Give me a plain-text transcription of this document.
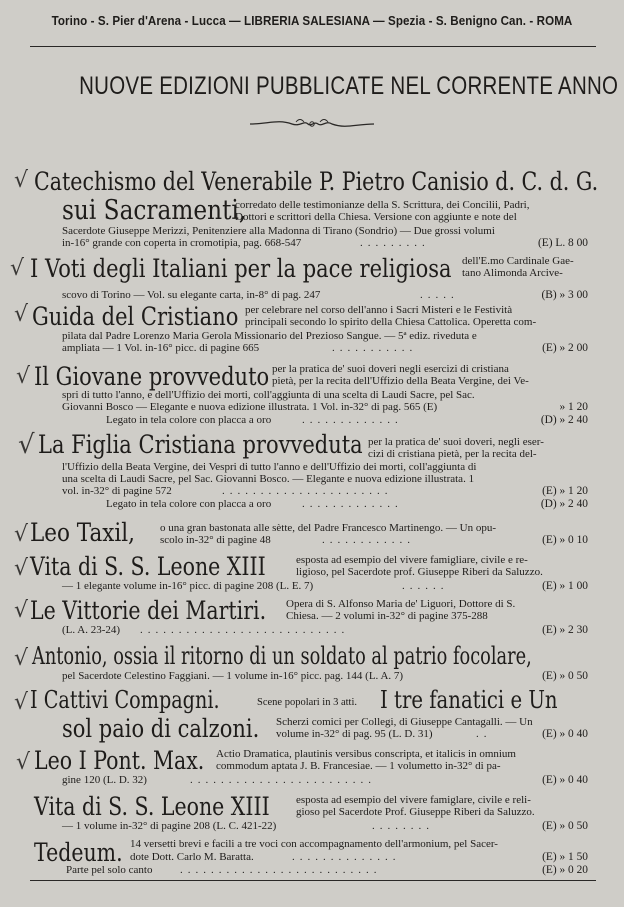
Torino - S. Pier d'Arena - Lucca — LIBRERIA SALESIANA — Spezia - S. Benigno Can. - ROMA
NUOVE EDIZIONI PUBBLICATE NEL CORRENTE ANNO
√ Catechismo del Venerabile P. Pietro Canisio d. C. d. G.
sui Sacramenti,
corredato delle testimonianze della S. Scrittura, dei Concilii, Padri,
Dottori e scrittori della Chiesa. Versione con aggiunte e note del
Sacerdote Giuseppe Merizzi, Penitenziere alla Madonna di Tirano (Sondrio) — Due grossi volumi
in-16° grande con coperta in cromotipia, pag. 668-547	.........	(E) L. 8 00
√ I Voti degli Italiani per la pace religiosa dell'E.mo Cardinale Gae-
tano Alimonda Arcive-
scovo di Torino — Vol. su elegante carta, in-8° di pag. 247	.....	(B) » 3 00
√ Guida del Cristiano per celebrare nel corso dell'anno i Sacri Misteri e le Festività
principali secondo lo spirito della Chiesa Cattolica. Operetta com-
pilata dal Padre Lorenzo Maria Gerola Missionario del Prezioso Sangue. — 5ª ediz. riveduta e
ampliata — 1 Vol. in-16° picc. di pagine 665	...........	(E) » 2 00
√ Il Giovane provveduto per la pratica de' suoi doveri negli esercizi di cristiana
pietà, per la recita dell'Uffizio della Beata Vergine, dei Ve-
spri di tutto l'anno, e dell'Uffizio dei morti, coll'aggiunta di una scelta di Laudi Sacre, pel Sac.
Giovanni Bosco — Elegante e nuova edizione illustrata. 1 Vol. in-32° di pag. 565 (E)	» 1 20
Legato in tela colore con placca a oro	.............	(D) » 2 40
√ La Figlia Cristiana provveduta per la pratica de' suoi doveri, negli eser-
cizi di cristiana pietà, per la recita del-
l'Uffizio della Beata Vergine, dei Vespri di tutto l'anno e dell'Uffizio dei morti, coll'aggiunta di
una scelta di Laudi Sacre, pel Sac. Giovanni Bosco. — Elegante e nuova edizione illustrata. 1
vol. in-32° di pagine 572	......................	(E) » 1 20
Legato in tela colore con placca a oro	.............	(D) » 2 40
√ Leo Taxil, o una gran bastonata alle sètte, del Padre Francesco Martinengo. — Un opu-
scolo in-32° di pagine 48	............	(E) » 0 10
√ Vita di S. S. Leone XIII	esposta ad esempio del vivere famigliare, civile e re-
ligioso, pel Sacerdote prof. Giuseppe Riberi da Saluzzo.
— 1 elegante volume in-16° picc. di pagine 208 (L. E. 7)	......	(E) » 1 00
√ Le Vittorie dei Martiri. Opera di S. Alfonso Maria de' Liguori, Dottore di S.
Chiesa. — 2 volumi in-32° di pagine 375-288
(L. A. 23-24) ...........................	(E) » 2 30
√ Antonio, ossia il ritorno di un soldato al patrio focolare,
pel Sacerdote Celestino Faggiani. — 1 volume in-16° picc. pag. 144 (L. A. 7)	(E) » 0 50
√ I Cattivi Compagni.	Scene popolari in 3 atti. I tre fanatici e Un
sol paio di calzoni. Scherzi comici per Collegi, di Giuseppe Cantagalli. — Un
volume in-32° di pag. 95 (L. D. 31)	..	(E) » 0 40
√ Leo I Pont. Max. Actio Dramatica, plautinis versibus conscripta, et italicis in omnium
commodum aptata J. B. Francesiae. — 1 volumetto in-32° di pa-
gine 120 (L. D. 32)	........................	(E) » 0 40
Vita di S. S. Leone XIII esposta ad esempio del vivere famiglare, civile e reli-
gioso pel Sacerdote Prof. Giuseppe Riberi da Saluzzo.
— 1 volume in-32° di pagine 208 (L. C. 421-22)	........	(E) » 0 50
Tedeum. 14 versetti brevi e facili a tre voci con accompagnamento dell'armonium, pel Sacer-
dote Dott. Carlo M. Baratta.	..............	(E) » 1 50
Parte pel solo canto	..........................	(E) » 0 20
